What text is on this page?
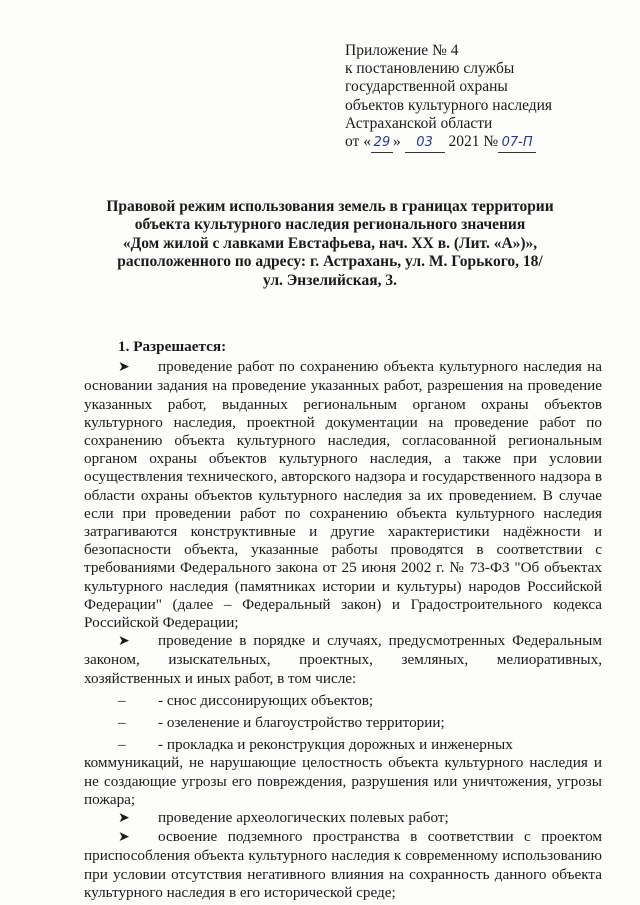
Приложение № 4
к постановлению службы
государственной охраны
объектов культурного наследия
Астраханской области
от « 29 » 03 2021 № 07-П
Правовой режим использования земель в границах территории
объекта культурного наследия регионального значения
«Дом жилой с лавками Евстафьева, нач. XX в. (Лит. «А»)»,
расположенного по адресу: г. Астрахань, ул. М. Горького, 18/
ул. Энзелийская, 3.
1. Разрешается:

➤ проведение работ по сохранению объекта культурного наследия на основании задания на проведение указанных работ, разрешения на проведение указанных работ, выданных региональным органом охраны объектов культурного наследия, проектной документации на проведение работ по сохранению объекта культурного наследия, согласованной региональным органом охраны объектов культурного наследия, а также при условии осуществления технического, авторского надзора и государственного надзора в области охраны объектов культурного наследия за их проведением. В случае если при проведении работ по сохранению объекта культурного наследия затрагиваются конструктивные и другие характеристики надёжности и безопасности объекта, указанные работы проводятся в соответствии с требованиями Федерального закона от 25 июня 2002 г. № 73-ФЗ "Об объектах культурного наследия (памятниках истории и культуры) народов Российской Федерации" (далее – Федеральный закон) и Градостроительного кодекса Российской Федерации;

➤ проведение в порядке и случаях, предусмотренных Федеральным законом, изыскательных, проектных, земляных, мелиоративных, хозяйственных и иных работ, в том числе:

– - снос диссонирующих объектов;
– - озеленение и благоустройство территории;
– - прокладка и реконструкция дорожных и инженерных

коммуникаций, не нарушающие целостность объекта культурного наследия и не создающие угрозы его повреждения, разрушения или уничтожения, угрозы пожара;

➤ проведение археологических полевых работ;

➤ освоение подземного пространства в соответствии с проектом приспособления объекта культурного наследия к современному использованию при условии отсутствия негативного влияния на сохранность данного объекта культурного наследия в его исторической среде;
